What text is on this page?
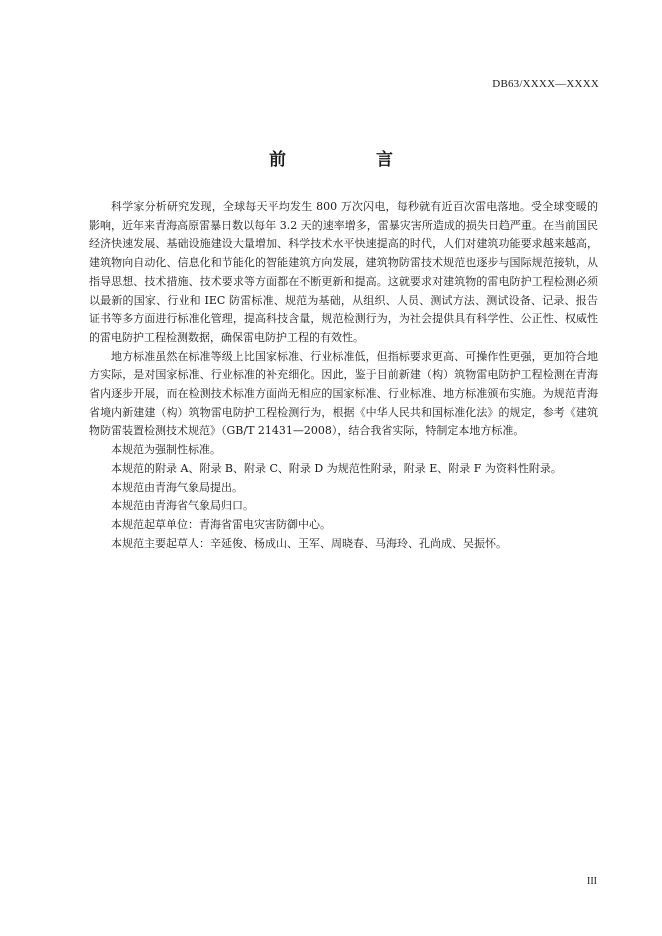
DB63/XXXX—XXXX
前 言

科学家分析研究发现，全球每天平均发生 800 万次闪电，每秒就有近百次雷电落地。受全球变暖的影响，近年来青海高原雷暴日数以每年 3.2 天的速率增多，雷暴灾害所造成的损失日趋严重。在当前国民经济快速发展、基础设施建设大量增加、科学技术水平快速提高的时代，人们对建筑功能要求越来越高，建筑物向自动化、信息化和节能化的智能建筑方向发展，建筑物防雷技术规范也逐步与国际规范接轨，从指导思想、技术措施、技术要求等方面都在不断更新和提高。这就要求对建筑物的雷电防护工程检测必须以最新的国家、行业和 IEC 防雷标准、规范为基础，从组织、人员、测试方法、测试设备、记录、报告证书等多方面进行标准化管理，提高科技含量，规范检测行为，为社会提供具有科学性、公正性、权威性的雷电防护工程检测数据，确保雷电防护工程的有效性。

地方标准虽然在标准等级上比国家标准、行业标准低，但指标要求更高、可操作性更强，更加符合地方实际，是对国家标准、行业标准的补充细化。因此，鉴于目前新建（构）筑物雷电防护工程检测在青海省内逐步开展，而在检测技术标准方面尚无相应的国家标准、行业标准、地方标准颁布实施。为规范青海省境内新建建（构）筑物雷电防护工程检测行为，根据《中华人民共和国标准化法》的规定，参考《建筑物防雷装置检测技术规范》（GB/T 21431—2008），结合我省实际，特制定本地方标准。

本规范为强制性标准。

本规范的附录 A、附录 B、附录 C、附录 D 为规范性附录，附录 E、附录 F 为资料性附录。

本规范由青海气象局提出。

本规范由青海省气象局归口。

本规范起草单位：青海省雷电灾害防御中心。

本规范主要起草人：辛延俊、杨成山、王军、周晓春、马海玲、孔尚成、吴振怀。

III
